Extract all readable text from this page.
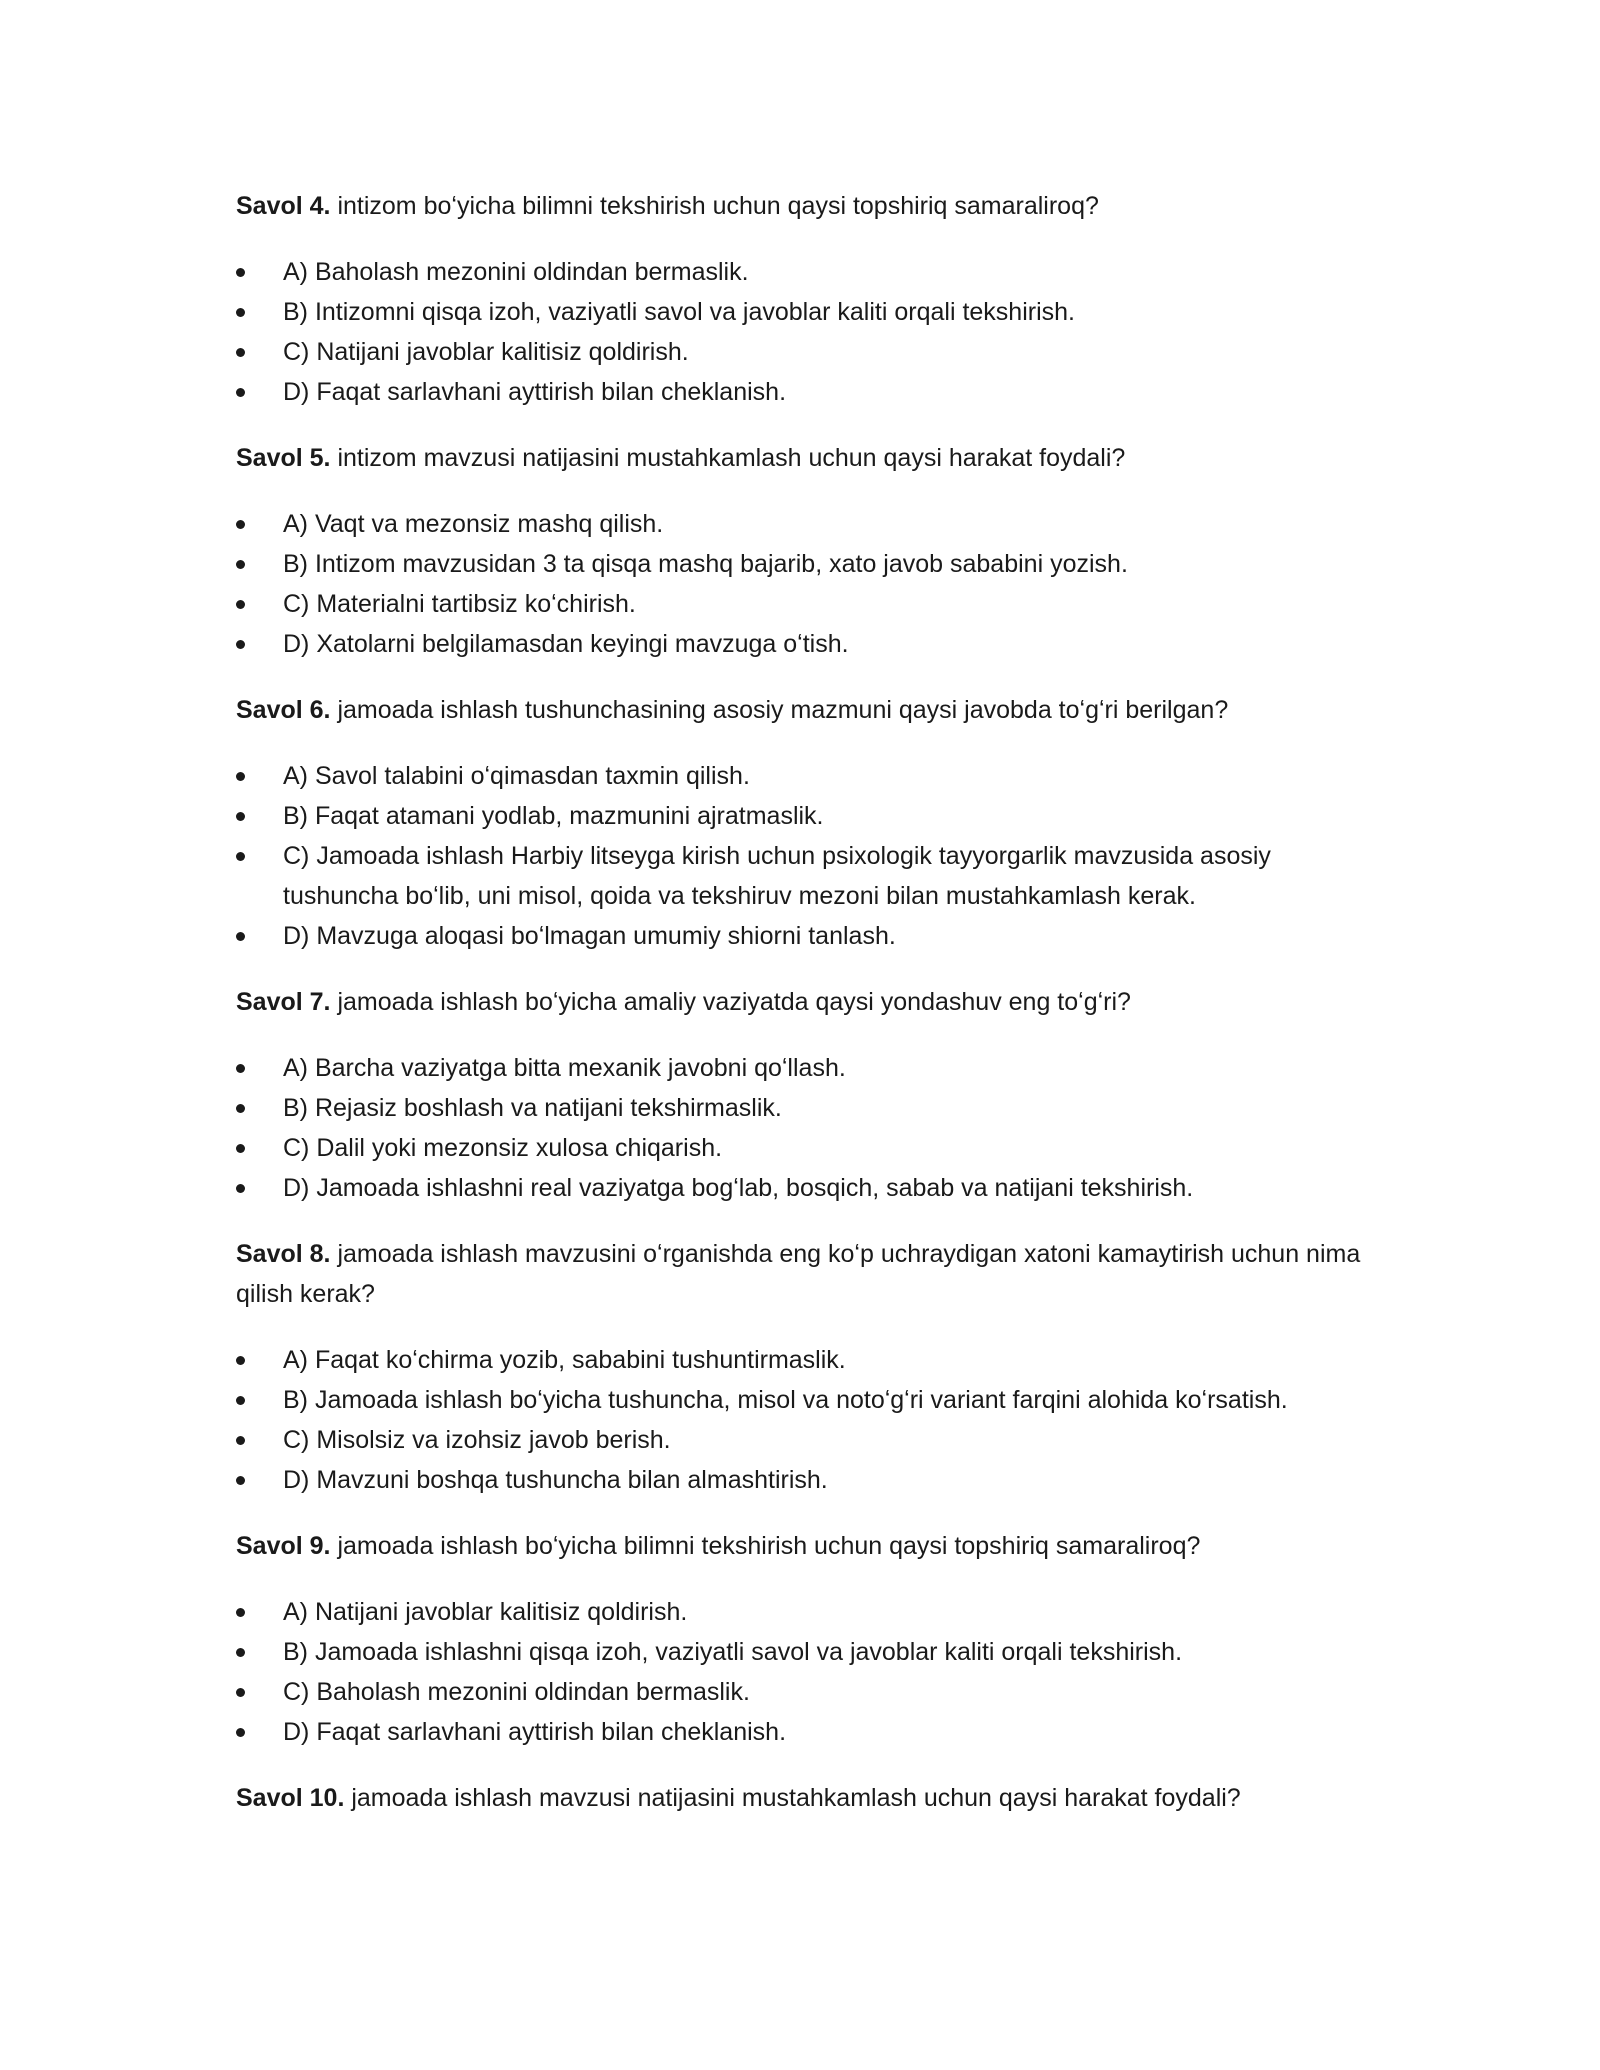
Savol 4. intizom boʻyicha bilimni tekshirish uchun qaysi topshiriq samaraliroq?

A) Baholash mezonini oldindan bermaslik.
B) Intizomni qisqa izoh, vaziyatli savol va javoblar kaliti orqali tekshirish.
C) Natijani javoblar kalitisiz qoldirish.
D) Faqat sarlavhani ayttirish bilan cheklanish.

Savol 5. intizom mavzusi natijasini mustahkamlash uchun qaysi harakat foydali?

A) Vaqt va mezonsiz mashq qilish.
B) Intizom mavzusidan 3 ta qisqa mashq bajarib, xato javob sababini yozish.
C) Materialni tartibsiz koʻchirish.
D) Xatolarni belgilamasdan keyingi mavzuga oʻtish.

Savol 6. jamoada ishlash tushunchasining asosiy mazmuni qaysi javobda toʻgʻri berilgan?

A) Savol talabini oʻqimasdan taxmin qilish.
B) Faqat atamani yodlab, mazmunini ajratmaslik.
C) Jamoada ishlash Harbiy litseyga kirish uchun psixologik tayyorgarlik mavzusida asosiy tushuncha boʻlib, uni misol, qoida va tekshiruv mezoni bilan mustahkamlash kerak.
D) Mavzuga aloqasi boʻlmagan umumiy shiorni tanlash.

Savol 7. jamoada ishlash boʻyicha amaliy vaziyatda qaysi yondashuv eng toʻgʻri?

A) Barcha vaziyatga bitta mexanik javobni qoʻllash.
B) Rejasiz boshlash va natijani tekshirmaslik.
C) Dalil yoki mezonsiz xulosa chiqarish.
D) Jamoada ishlashni real vaziyatga bogʻlab, bosqich, sabab va natijani tekshirish.

Savol 8. jamoada ishlash mavzusini oʻrganishda eng koʻp uchraydigan xatoni kamaytirish uchun nima qilish kerak?

A) Faqat koʻchirma yozib, sababini tushuntirmaslik.
B) Jamoada ishlash boʻyicha tushuncha, misol va notoʻgʻri variant farqini alohida koʻrsatish.
C) Misolsiz va izohsiz javob berish.
D) Mavzuni boshqa tushuncha bilan almashtirish.

Savol 9. jamoada ishlash boʻyicha bilimni tekshirish uchun qaysi topshiriq samaraliroq?

A) Natijani javoblar kalitisiz qoldirish.
B) Jamoada ishlashni qisqa izoh, vaziyatli savol va javoblar kaliti orqali tekshirish.
C) Baholash mezonini oldindan bermaslik.
D) Faqat sarlavhani ayttirish bilan cheklanish.

Savol 10. jamoada ishlash mavzusi natijasini mustahkamlash uchun qaysi harakat foydali?
